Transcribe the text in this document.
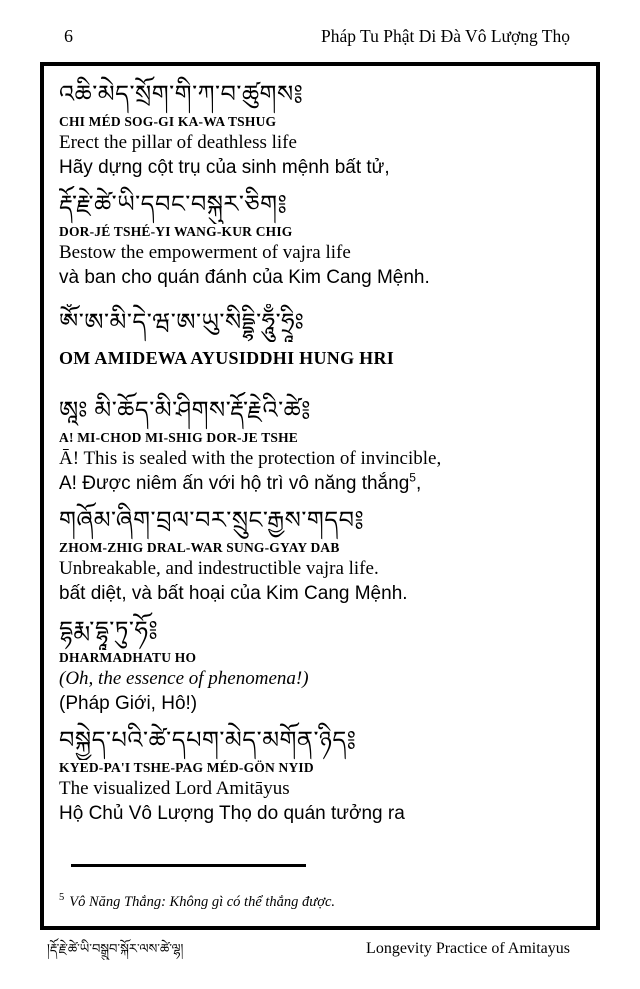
6	Pháp Tu Phật Di Đà Vô Lượng Thọ
འཆི་མེད་སྲོག་གི་ཀ་བ་ཚུགས༔
CHI MÉD SOG-GI KA-WA TSHUG
Erect the pillar of deathless life
Hãy dựng cột trụ của sinh mệnh bất tử,
རྡོ་རྗེ་ཚེ་ཡི་དབང་བསྐུར་ཅིག༔
DOR-JÉ TSHÉ-YI WANG-KUR CHIG
Bestow the empowerment of vajra life
và ban cho quán đánh của Kim Cang Mệnh.
ཨོཾ་ཨ་མི་དེ་ཝ་ཨ་ཡུ་སིདྡྷི་ཧཱུྃ་ཧྲཱིཿ
OM AMIDEWA AYUSIDDHI HUNG HRI
ཨཱཿ མི་ཆོད་མི་ཤིགས་རྡོ་རྗེའི་ཚེ༔
A! MI-CHOD MI-SHIG DOR-JE TSHE
Ā! This is sealed with the protection of invincible,
A! Được niêm ấn với hộ trì vô năng thắng$^5$,
གཞོམ་ཞིག་བྲལ་བར་སྲུང་རྒྱས་གདབ༔
ZHOM-ZHIG DRAL-WAR SUNG-GYAY DAB
Unbreakable, and indestructible vajra life.
bất diệt, và bất hoại của Kim Cang Mệnh.
དྷརྨ་དྷཱ་ཏུ་ཧོ༔
DHARMADHATU HO
(Oh, the essence of phenomena!)
(Pháp Giới, Hô!)
བསྐྱེད་པའི་ཚེ་དཔག་མེད་མགོན་ཉིད༔
KYED-PA'I TSHE-PAG MÉD-GÖN NYID
The visualized Lord Amitāyus
Hộ Chủ Vô Lượng Thọ do quán tưởng ra
$^5$ Vô Năng Thắng: Không gì có thể thắng được.
།རྡོ་རྗེ་ཚེ་ཡི་བསྒྲུབ་སྐོར་ལས་ཚེ་ལྷ།	Longevity Practice of Amitayus
